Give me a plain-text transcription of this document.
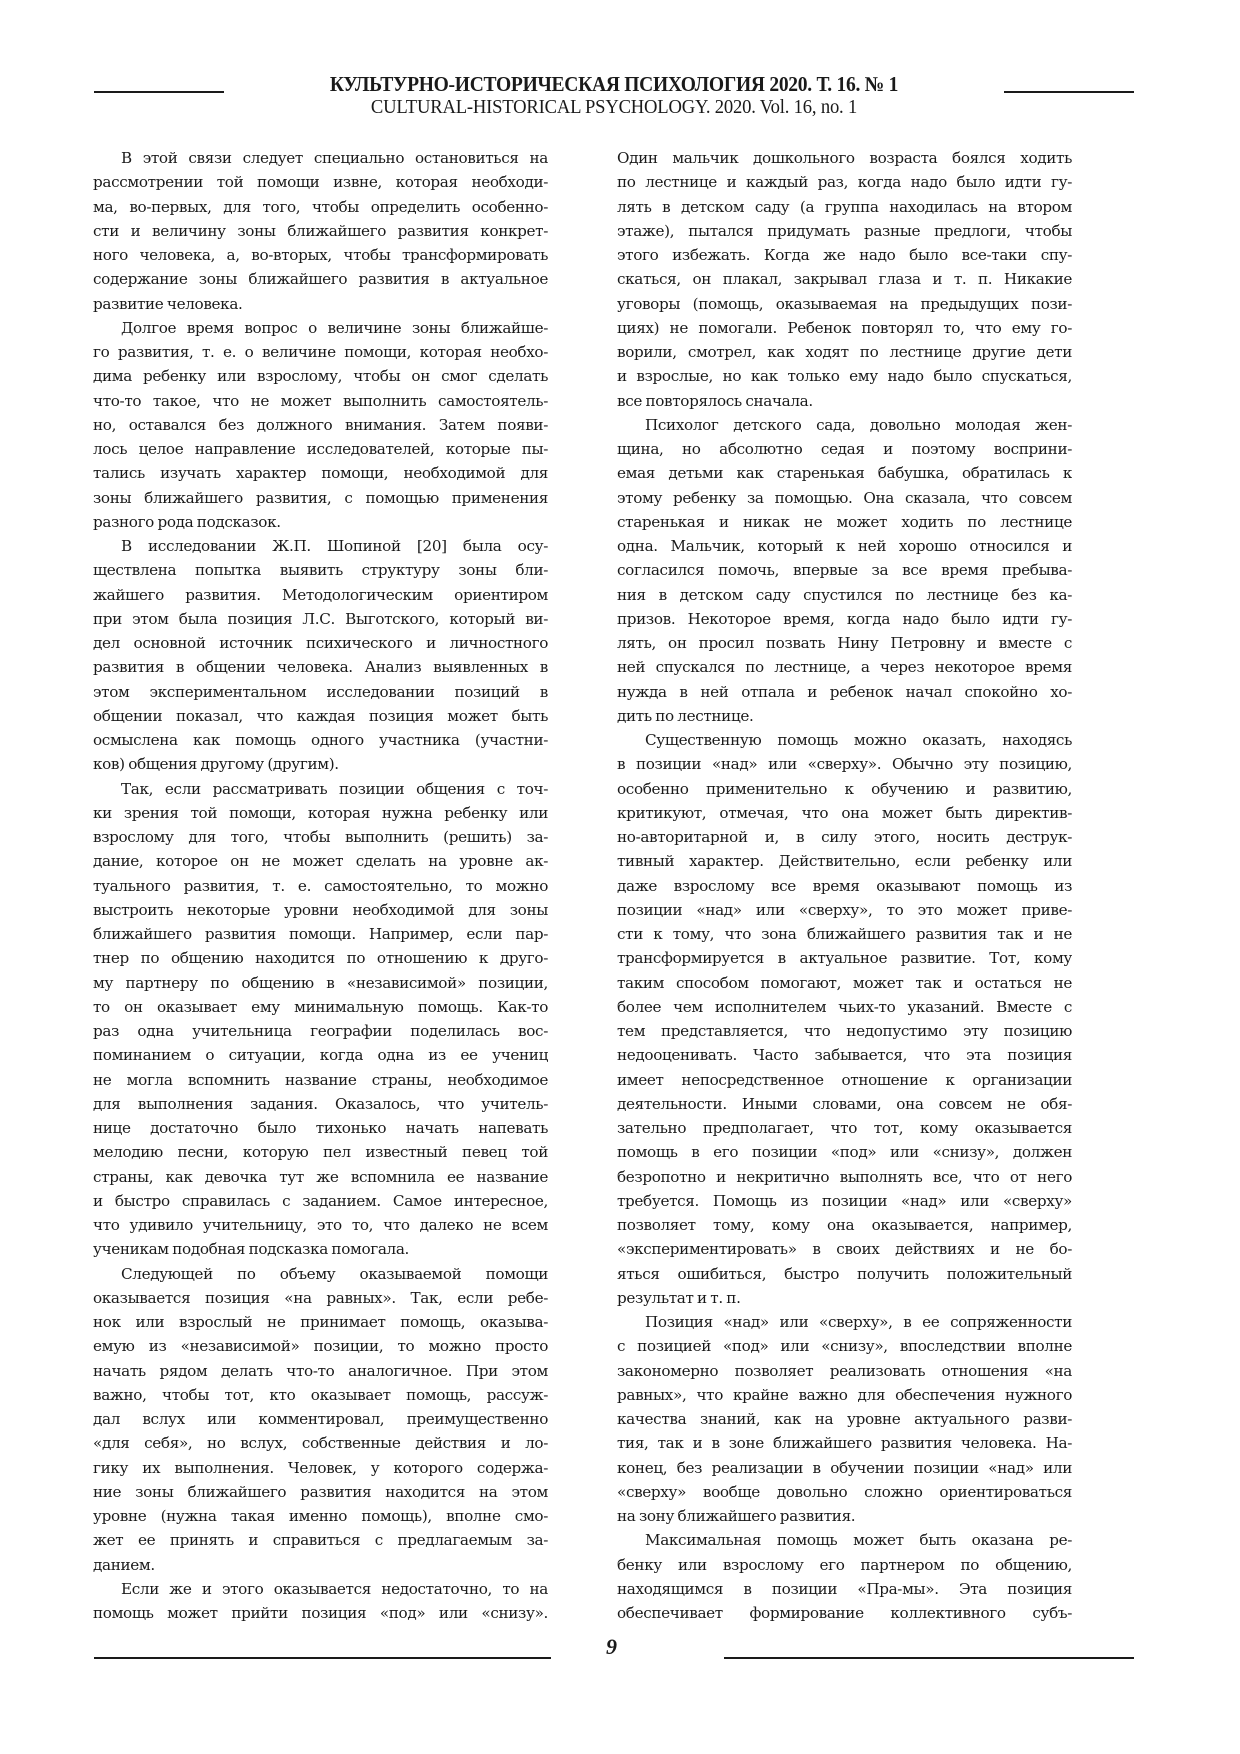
КУЛЬТУРНО-ИСТОРИЧЕСКАЯ ПСИХОЛОГИЯ 2020. Т. 16. № 1
CULTURAL-HISTORICAL PSYCHOLOGY. 2020. Vol. 16, no. 1
В этой связи следует специально остановиться на
рассмотрении той помощи извне, которая необходи-
ма, во-первых, для того, чтобы определить особенно-
сти и величину зоны ближайшего развития конкрет-
ного человека, а, во-вторых, чтобы трансформировать
содержание зоны ближайшего развития в актуальное
развитие человека.
Долгое время вопрос о величине зоны ближайше-
го развития, т. е. о величине помощи, которая необхо-
дима ребенку или взрослому, чтобы он смог сделать
что-то такое, что не может выполнить самостоятель-
но, оставался без должного внимания. Затем появи-
лось целое направление исследователей, которые пы-
тались изучать характер помощи, необходимой для
зоны ближайшего развития, с помощью применения
разного рода подсказок.
В исследовании Ж.П. Шопиной [20] была осу-
ществлена попытка выявить структуру зоны бли-
жайшего развития. Методологическим ориентиром
при этом была позиция Л.С. Выготского, который ви-
дел основной источник психического и личностного
развития в общении человека. Анализ выявленных в
этом экспериментальном исследовании позиций в
общении показал, что каждая позиция может быть
осмыслена как помощь одного участника (участни-
ков) общения другому (другим).
Так, если рассматривать позиции общения с точ-
ки зрения той помощи, которая нужна ребенку или
взрослому для того, чтобы выполнить (решить) за-
дание, которое он не может сделать на уровне ак-
туального развития, т. е. самостоятельно, то можно
выстроить некоторые уровни необходимой для зоны
ближайшего развития помощи. Например, если пар-
тнер по общению находится по отношению к друго-
му партнеру по общению в «независимой» позиции,
то он оказывает ему минимальную помощь. Как-то
раз одна учительница географии поделилась вос-
поминанием о ситуации, когда одна из ее учениц
не могла вспомнить название страны, необходимое
для выполнения задания. Оказалось, что учитель-
нице достаточно было тихонько начать напевать
мелодию песни, которую пел известный певец той
страны, как девочка тут же вспомнила ее название
и быстро справилась с заданием. Самое интересное,
что удивило учительницу, это то, что далеко не всем
ученикам подобная подсказка помогала.
Следующей по объему оказываемой помощи
оказывается позиция «на равных». Так, если ребе-
нок или взрослый не принимает помощь, оказыва-
емую из «независимой» позиции, то можно просто
начать рядом делать что-то аналогичное. При этом
важно, чтобы тот, кто оказывает помощь, рассуж-
дал вслух или комментировал, преимущественно
«для себя», но вслух, собственные действия и ло-
гику их выполнения. Человек, у которого содержа-
ние зоны ближайшего развития находится на этом
уровне (нужна такая именно помощь), вполне смо-
жет ее принять и справиться с предлагаемым за-
данием.
Если же и этого оказывается недостаточно, то на
помощь может прийти позиция «под» или «снизу».
Один мальчик дошкольного возраста боялся ходить
по лестнице и каждый раз, когда надо было идти гу-
лять в детском саду (а группа находилась на втором
этаже), пытался придумать разные предлоги, чтобы
этого избежать. Когда же надо было все-таки спу-
скаться, он плакал, закрывал глаза и т. п. Никакие
уговоры (помощь, оказываемая на предыдущих пози-
циях) не помогали. Ребенок повторял то, что ему го-
ворили, смотрел, как ходят по лестнице другие дети
и взрослые, но как только ему надо было спускаться,
все повторялось сначала.
Психолог детского сада, довольно молодая жен-
щина, но абсолютно седая и поэтому восприни-
емая детьми как старенькая бабушка, обратилась к
этому ребенку за помощью. Она сказала, что совсем
старенькая и никак не может ходить по лестнице
одна. Мальчик, который к ней хорошо относился и
согласился помочь, впервые за все время пребыва-
ния в детском саду спустился по лестнице без ка-
призов. Некоторое время, когда надо было идти гу-
лять, он просил позвать Нину Петровну и вместе с
ней спускался по лестнице, а через некоторое время
нужда в ней отпала и ребенок начал спокойно хо-
дить по лестнице.
Существенную помощь можно оказать, находясь
в позиции «над» или «сверху». Обычно эту позицию,
особенно применительно к обучению и развитию,
критикуют, отмечая, что она может быть директив-
но-авторитарной и, в силу этого, носить деструк-
тивный характер. Действительно, если ребенку или
даже взрослому все время оказывают помощь из
позиции «над» или «сверху», то это может приве-
сти к тому, что зона ближайшего развития так и не
трансформируется в актуальное развитие. Тот, кому
таким способом помогают, может так и остаться не
более чем исполнителем чьих-то указаний. Вместе с
тем представляется, что недопустимо эту позицию
недооценивать. Часто забывается, что эта позиция
имеет непосредственное отношение к организации
деятельности. Иными словами, она совсем не обя-
зательно предполагает, что тот, кому оказывается
помощь в его позиции «под» или «снизу», должен
безропотно и некритично выполнять все, что от него
требуется. Помощь из позиции «над» или «сверху»
позволяет тому, кому она оказывается, например,
«экспериментировать» в своих действиях и не бо-
яться ошибиться, быстро получить положительный
результат и т. п.
Позиция «над» или «сверху», в ее сопряженности
с позицией «под» или «снизу», впоследствии вполне
закономерно позволяет реализовать отношения «на
равных», что крайне важно для обеспечения нужного
качества знаний, как на уровне актуального разви-
тия, так и в зоне ближайшего развития человека. На-
конец, без реализации в обучении позиции «над» или
«сверху» вообще довольно сложно ориентироваться
на зону ближайшего развития.
Максимальная помощь может быть оказана ре-
бенку или взрослому его партнером по общению,
находящимся в позиции «Пра-мы». Эта позиция
обеспечивает формирование коллективного субъ-
9
